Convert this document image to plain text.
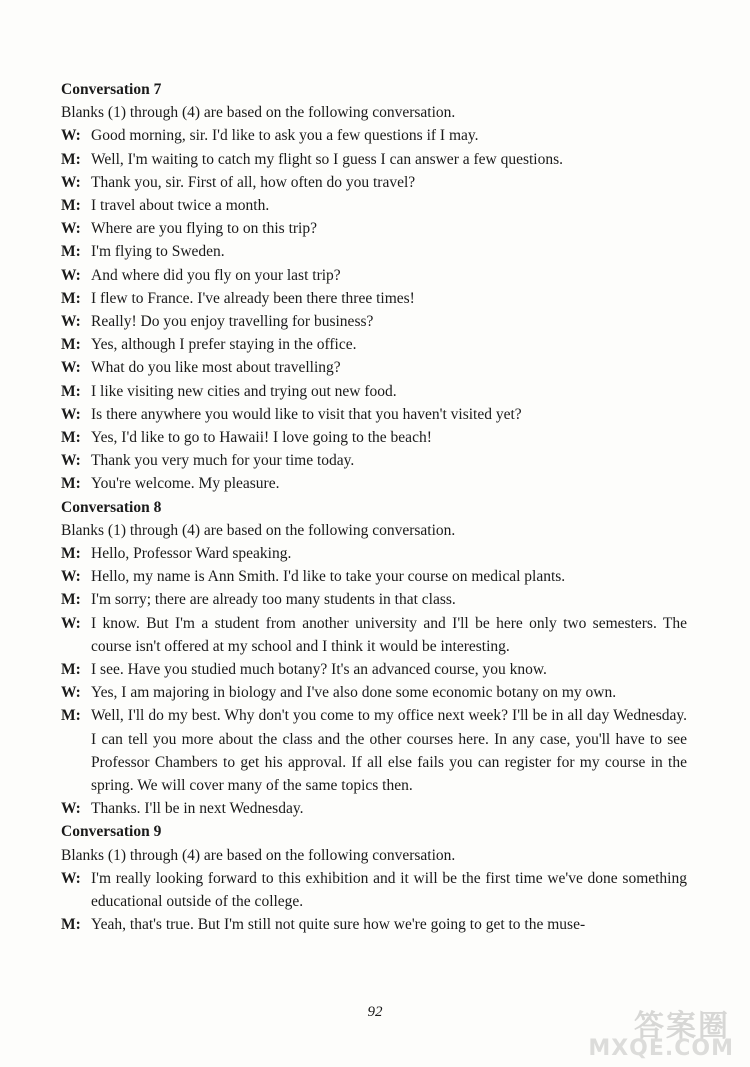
Conversation 7
Blanks (1) through (4) are based on the following conversation.
W: Good morning, sir. I'd like to ask you a few questions if I may.
M: Well, I'm waiting to catch my flight so I guess I can answer a few questions.
W: Thank you, sir. First of all, how often do you travel?
M: I travel about twice a month.
W: Where are you flying to on this trip?
M: I'm flying to Sweden.
W: And where did you fly on your last trip?
M: I flew to France. I've already been there three times!
W: Really! Do you enjoy travelling for business?
M: Yes, although I prefer staying in the office.
W: What do you like most about travelling?
M: I like visiting new cities and trying out new food.
W: Is there anywhere you would like to visit that you haven't visited yet?
M: Yes, I'd like to go to Hawaii! I love going to the beach!
W: Thank you very much for your time today.
M: You're welcome. My pleasure.
Conversation 8
Blanks (1) through (4) are based on the following conversation.
M: Hello, Professor Ward speaking.
W: Hello, my name is Ann Smith. I'd like to take your course on medical plants.
M: I'm sorry; there are already too many students in that class.
W: I know. But I'm a student from another university and I'll be here only two semesters. The course isn't offered at my school and I think it would be interesting.
M: I see. Have you studied much botany? It's an advanced course, you know.
W: Yes, I am majoring in biology and I've also done some economic botany on my own.
M: Well, I'll do my best. Why don't you come to my office next week? I'll be in all day Wednesday. I can tell you more about the class and the other courses here. In any case, you'll have to see Professor Chambers to get his approval. If all else fails you can register for my course in the spring. We will cover many of the same topics then.
W: Thanks. I'll be in next Wednesday.
Conversation 9
Blanks (1) through (4) are based on the following conversation.
W: I'm really looking forward to this exhibition and it will be the first time we've done something educational outside of the college.
M: Yeah, that's true. But I'm still not quite sure how we're going to get to the muse-
92	答案圈
MXQE.COM
